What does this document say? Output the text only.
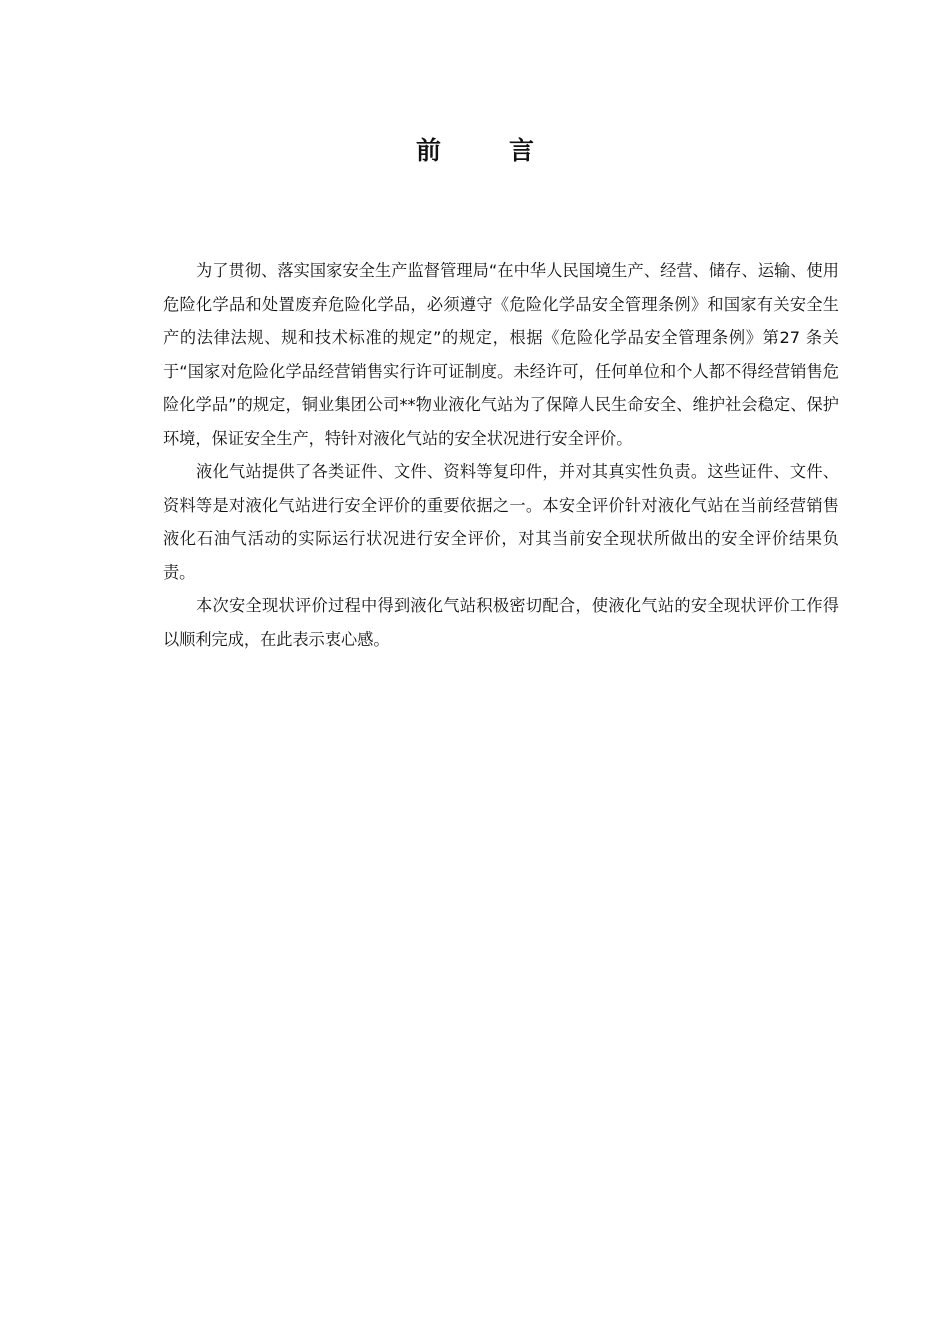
前言

为了贯彻、落实国家安全生产监督管理局“在中华人民国境生产、经营、储存、运输、使用危险化学品和处置废弃危险化学品，必须遵守《危险化学品安全管理条例》和国家有关安全生产的法律法规、规和技术标准的规定”的规定，根据《危险化学品安全管理条例》第27 条关于“国家对危险化学品经营销售实行许可证制度。未经许可，任何单位和个人都不得经营销售危险化学品”的规定，铜业集团公司**物业液化气站为了保障人民生命安全、维护社会稳定、保护环境，保证安全生产，特针对液化气站的安全状况进行安全评价。

液化气站提供了各类证件、文件、资料等复印件，并对其真实性负责。这些证件、文件、资料等是对液化气站进行安全评价的重要依据之一。本安全评价针对液化气站在当前经营销售液化石油气活动的实际运行状况进行安全评价，对其当前安全现状所做出的安全评价结果负责。

本次安全现状评价过程中得到液化气站积极密切配合，使液化气站的安全现状评价工作得以顺利完成，在此表示衷心感。
